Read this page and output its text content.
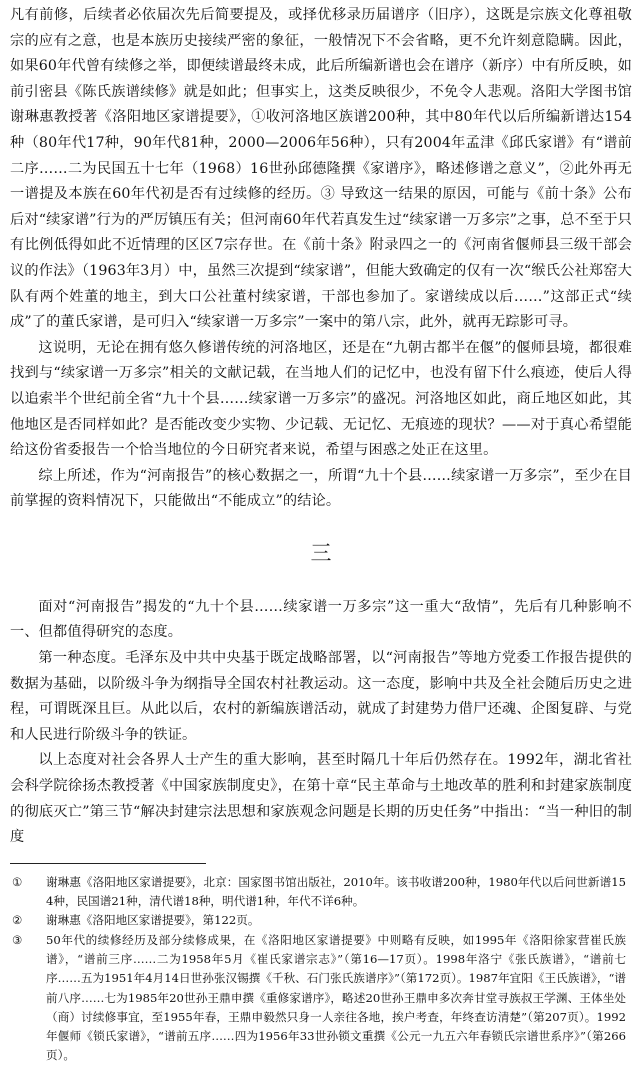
凡有前修，后续者必依届次先后简要提及，或择优移录历届谱序（旧序），这既是宗族文化尊祖敬宗的应有之意，也是本族历史接续严密的象征，一般情况下不会省略，更不允许刻意隐瞒。因此，如果60年代曾有续修之举，即便续谱最终未成，此后所编新谱也会在谱序（新序）中有所反映，如前引密县《陈氏族谱续修》就是如此；但事实上，这类反映很少，不免令人悲观。洛阳大学图书馆谢琳惠教授著《洛阳地区家谱提要》，①收河洛地区族谱200种，其中80年代以后所编新谱达154种（80年代17种，90年代81种，2000—2006年56种），只有2004年孟津《邱氏家谱》有“谱前二序……二为民国五十七年（1968）16世孙邱德隆撰《家谱序》，略述修谱之意义”，②此外再无一谱提及本族在60年代初是否有过续修的经历。③ 导致这一结果的原因，可能与《前十条》公布后对“续家谱”行为的严厉镇压有关；但河南60年代若真发生过“续家谱一万多宗”之事，总不至于只有比例低得如此不近情理的区区7宗存世。在《前十条》附录四之一的《河南省偃师县三级干部会议的作法》（1963年3月）中，虽然三次提到“续家谱”，但能大致确定的仅有一次“缑氏公社郑窑大队有两个姓董的地主，到大口公社董村续家谱，干部也参加了。家谱续成以后……”这部正式“续成”了的董氏家谱，是可归入“续家谱一万多宗”一案中的第八宗，此外，就再无踪影可寻。

这说明，无论在拥有悠久修谱传统的河洛地区，还是在“九朝古都半在偃”的偃师县境，都很难找到与“续家谱一万多宗”相关的文献记载，在当地人们的记忆中，也没有留下什么痕迹，使后人得以追索半个世纪前全省“九十个县……续家谱一万多宗”的盛况。河洛地区如此，商丘地区如此，其他地区是否同样如此？是否能改变少实物、少记载、无记忆、无痕迹的现状？——对于真心希望能给这份省委报告一个恰当地位的今日研究者来说，希望与困惑之处正在这里。

综上所述，作为“河南报告”的核心数据之一，所谓“九十个县……续家谱一万多宗”，至少在目前掌握的资料情况下，只能做出“不能成立”的结论。

三

面对“河南报告”揭发的“九十个县……续家谱一万多宗”这一重大“敌情”，先后有几种影响不一、但都值得研究的态度。

第一种态度。毛泽东及中共中央基于既定战略部署，以“河南报告”等地方党委工作报告提供的数据为基础，以阶级斗争为纲指导全国农村社教运动。这一态度，影响中共及全社会随后历史之进程，可谓既深且巨。从此以后，农村的新编族谱活动，就成了封建势力借尸还魂、企图复辟、与党和人民进行阶级斗争的铁证。

以上态度对社会各界人士产生的重大影响，甚至时隔几十年后仍然存在。1992年，湖北省社会科学院徐扬杰教授著《中国家族制度史》，在第十章“民主革命与土地改革的胜利和封建家族制度的彻底灭亡”第三节“解决封建宗法思想和家族观念问题是长期的历史任务”中指出：“当一种旧的制度

① 谢琳惠《洛阳地区家谱提要》，北京：国家图书馆出版社，2010年。该书收谱200种，1980年代以后问世新谱154种，民国谱21种，清代谱18种，明代谱1种，年代不详6种。
② 谢琳惠《洛阳地区家谱提要》，第122页。
③ 50年代的续修经历及部分续修成果，在《洛阳地区家谱提要》中则略有反映，如1995年《洛阳徐家营崔氏族谱》，“谱前三序……二为1958年5月《崔氏家谱宗志》”（第16—17页）。1998年洛宁《张氏族谱》，“谱前七序……五为1951年4月14日世孙张汉锡撰《千秋、石门张氏族谱序》”（第172页）。1987年宜阳《王氏族谱》，“谱前八序……七为1985年20世孙王鼎申撰《重修家谱序》，略述20世孙王鼎申多次奔甘堂寻族叔王学渊、王体坐处（商）讨续修事宜，至1955年春，王鼎申毅然只身一人亲往各地，挨户考查，年终查访清楚”（第207页）。1992年偃师《锁氏家谱》，“谱前五序……四为1956年33世孙锁文重撰《公元一九五六年春锁氏宗谱世系序》”（第266页）。
